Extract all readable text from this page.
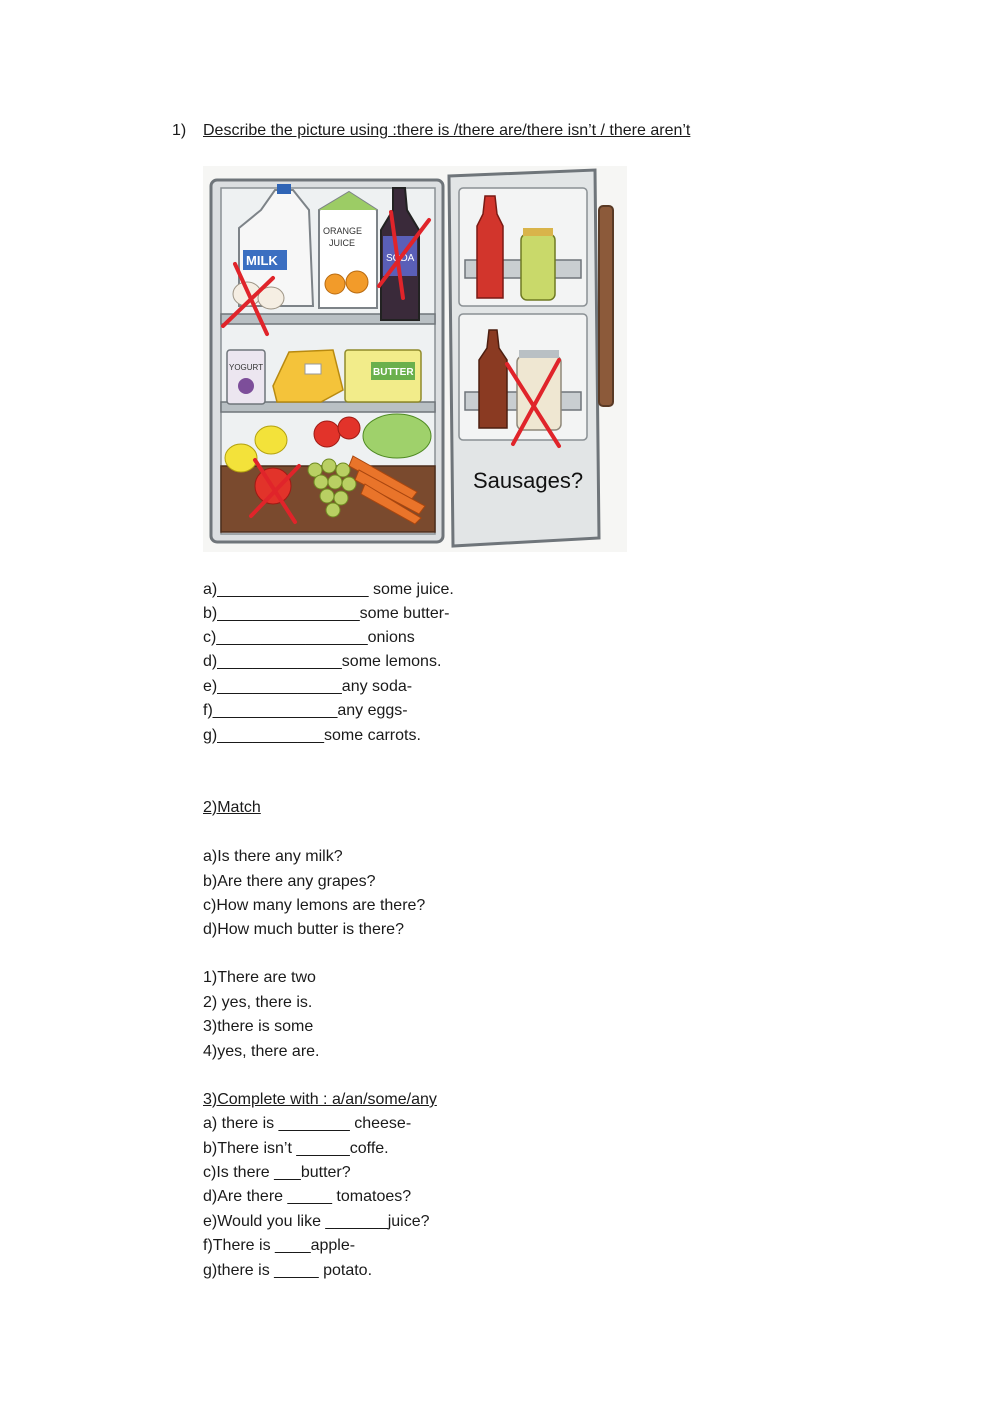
1) Describe the picture using :there is /there are/there isn’t / there aren’t
MILK
ORANGE
JUICE
SODA
YOGURT	BUTTER
Sausages?
a)_________________ some juice.
b)________________some butter-
c)_________________onions
d)______________some lemons.
e)______________any soda-
f)______________any eggs-
g)____________some carrots.
2)Match
a)Is there any milk?
b)Are there any grapes?
c)How many lemons are there?
d)How much butter is there?
1)There are two
2) yes, there is.
3)there is some
4)yes, there are.
3)Complete with : a/an/some/any
a) there is ________ cheese-
b)There isn’t ______coffe.
c)Is there ___butter?
d)Are there _____ tomatoes?
e)Would you like _______juice?
f)There is ____apple-
g)there is _____ potato.
